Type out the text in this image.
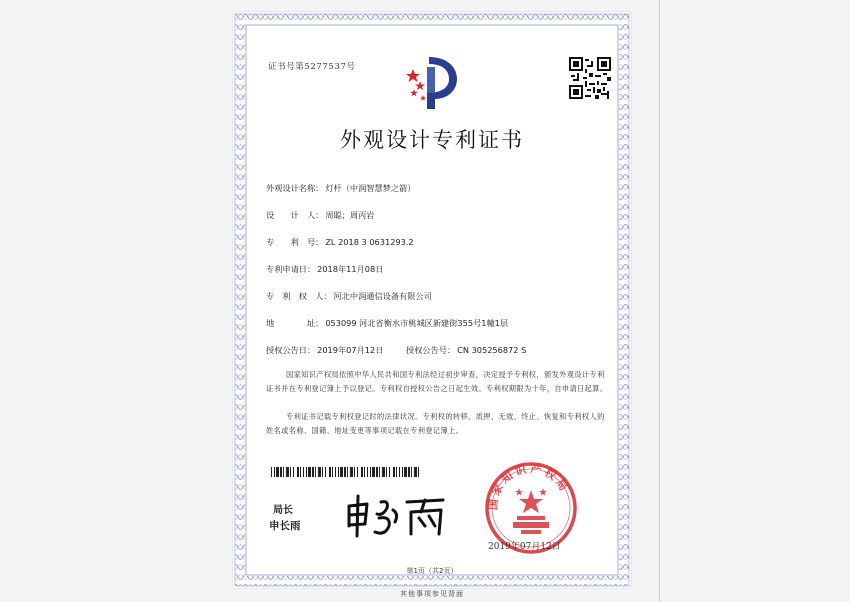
证书号第5277537号
外观设计专利证书
外观设计名称： 灯杆（中润智慧梦之箭）
设　　计　人： 周聪；周丙岩
专　　利　号： ZL 2018 3 0631293.2
专利申请日： 2018年11月08日
专　利　权　人： 河北中润通信设备有限公司
地　　　　址： 053099 河北省衡水市桃城区新建街355号1幢1层
授权公告日： 2019年07月12日	授权公告号： CN 305256872 S
国家知识产权局依照中华人民共和国专利法经过初步审查，决定授予专利权，颁发外观设计专利证书并在专利登记簿上予以登记。专利权自授权公告之日起生效。专利权期限为十年，自申请日起算。
专利证书记载专利权登记时的法律状况。专利权的转移、质押、无效、终止、恢复和专利权人的姓名或名称、国籍、地址变更等事项记载在专利登记簿上。
局长
申长雨
国家知识产权局
2019年07月12日
第1页（共2页）
其他事项参见背面
